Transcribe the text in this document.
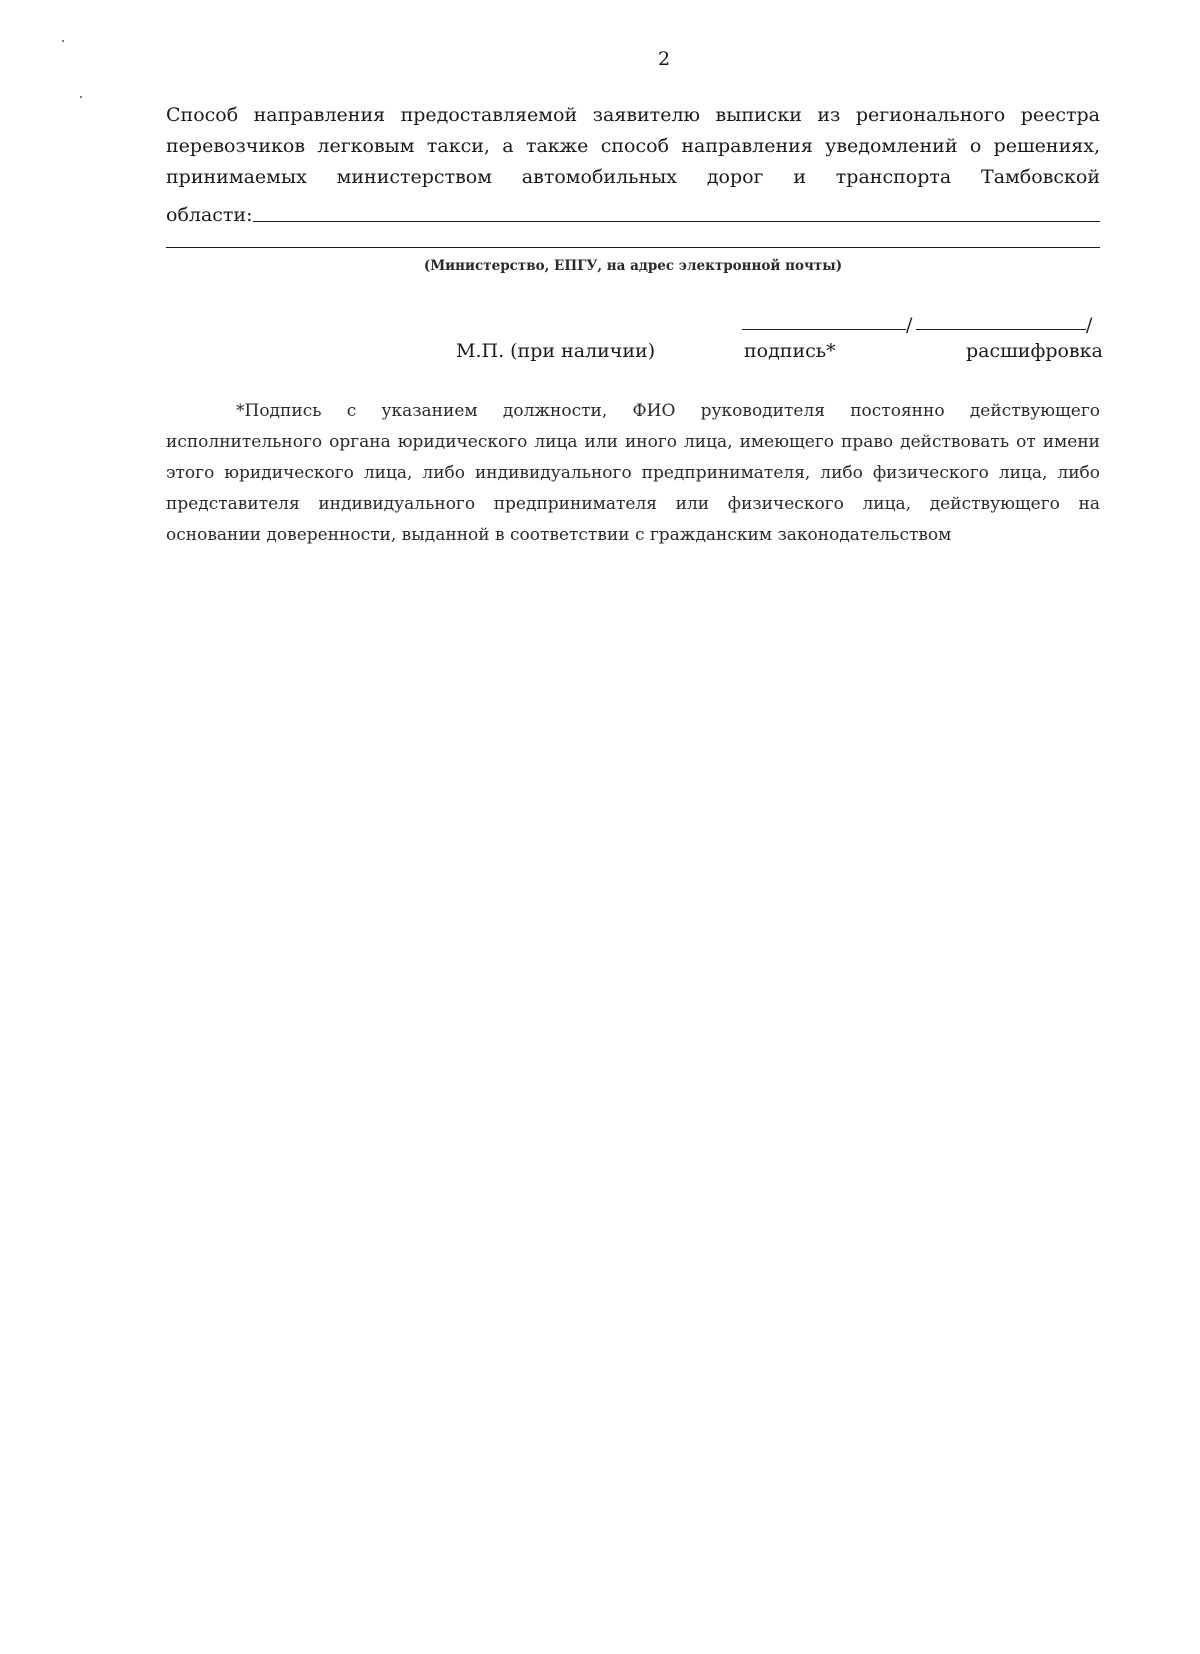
2
Способ направления предоставляемой заявителю выписки из регионального реестра
перевозчиков легковым такси, а также способ направления уведомлений о решениях,
принимаемых министерством автомобильных дорог и транспорта Тамбовской
области:
(Министерство, ЕПГУ, на адрес электронной почты)
/	/
М.П. (при наличии)	подпись*	расшифровка
*Подпись с указанием должности, ФИО руководителя постоянно действующего
исполнительного органа юридического лица или иного лица, имеющего право действовать от имени
этого юридического лица, либо индивидуального предпринимателя, либо физического лица, либо
представителя индивидуального предпринимателя или физического лица, действующего на
основании доверенности, выданной в соответствии с гражданским законодательством
